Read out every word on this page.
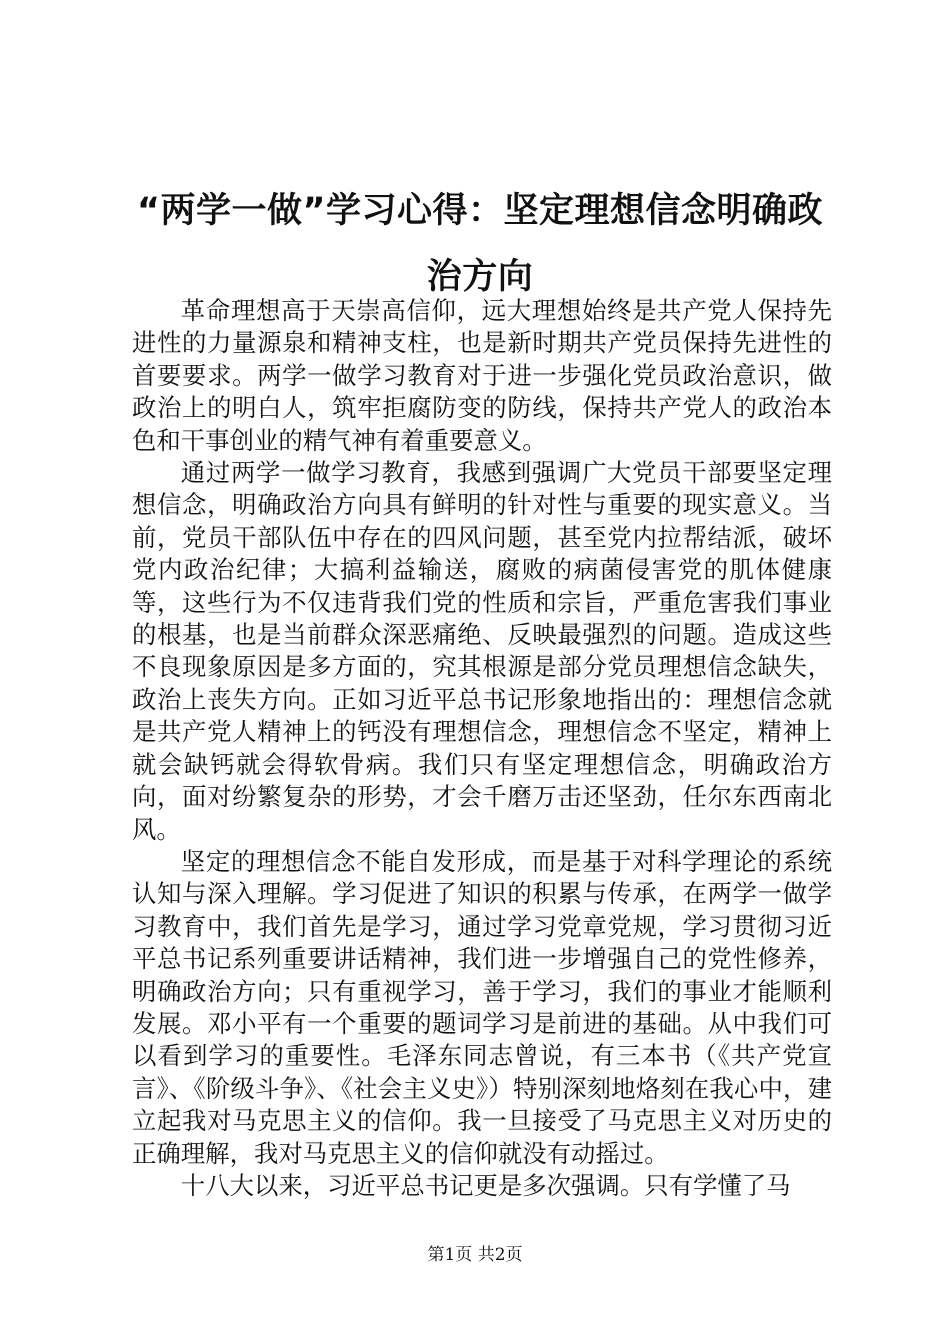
“两学一做”学习心得：坚定理想信念明确政治方向

革命理想高于天崇高信仰，远大理想始终是共产党人保持先进性的力量源泉和精神支柱，也是新时期共产党员保持先进性的首要要求。两学一做学习教育对于进一步强化党员政治意识，做政治上的明白人，筑牢拒腐防变的防线，保持共产党人的政治本色和干事创业的精气神有着重要意义。

通过两学一做学习教育，我感到强调广大党员干部要坚定理想信念，明确政治方向具有鲜明的针对性与重要的现实意义。当前，党员干部队伍中存在的四风问题，甚至党内拉帮结派，破坏党内政治纪律；大搞利益输送，腐败的病菌侵害党的肌体健康等，这些行为不仅违背我们党的性质和宗旨，严重危害我们事业的根基，也是当前群众深恶痛绝、反映最强烈的问题。造成这些不良现象原因是多方面的，究其根源是部分党员理想信念缺失，政治上丧失方向。正如习近平总书记形象地指出的：理想信念就是共产党人精神上的钙没有理想信念，理想信念不坚定，精神上就会缺钙就会得软骨病。我们只有坚定理想信念，明确政治方向，面对纷繁复杂的形势，才会千磨万击还坚劲，任尔东西南北风。

坚定的理想信念不能自发形成，而是基于对科学理论的系统认知与深入理解。学习促进了知识的积累与传承，在两学一做学习教育中，我们首先是学习，通过学习党章党规，学习贯彻习近平总书记系列重要讲话精神，我们进一步增强自己的党性修养，明确政治方向；只有重视学习，善于学习，我们的事业才能顺利发展。邓小平有一个重要的题词学习是前进的基础。从中我们可以看到学习的重要性。毛泽东同志曾说，有三本书（《共产党宣言》、《阶级斗争》、《社会主义史》）特别深刻地烙刻在我心中，建立起我对马克思主义的信仰。我一旦接受了马克思主义对历史的正确理解，我对马克思主义的信仰就没有动摇过。

十八大以来，习近平总书记更是多次强调。只有学懂了马

第1页 共2页
